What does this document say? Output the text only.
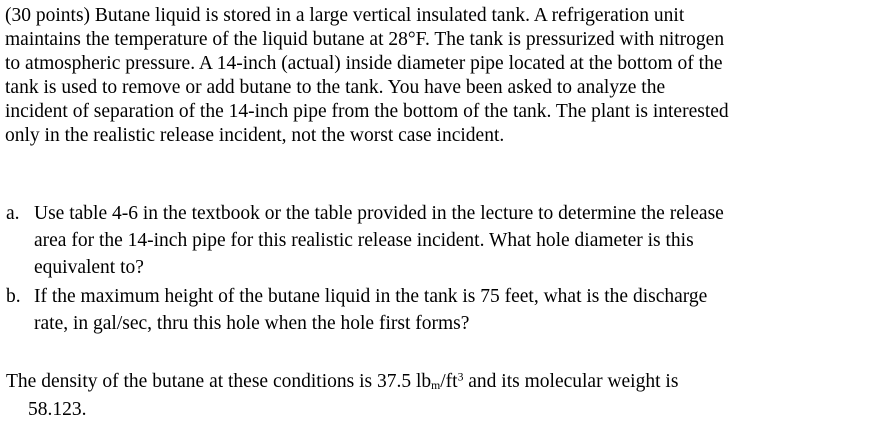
(30 points) Butane liquid is stored in a large vertical insulated tank. A refrigeration unit
maintains the temperature of the liquid butane at 28°F. The tank is pressurized with nitrogen
to atmospheric pressure. A 14-inch (actual) inside diameter pipe located at the bottom of the
tank is used to remove or add butane to the tank. You have been asked to analyze the
incident of separation of the 14-inch pipe from the bottom of the tank. The plant is interested
only in the realistic release incident, not the worst case incident.
a. Use table 4-6 in the textbook or the table provided in the lecture to determine the release
area for the 14-inch pipe for this realistic release incident. What hole diameter is this
equivalent to?
b. If the maximum height of the butane liquid in the tank is 75 feet, what is the discharge
rate, in gal/sec, thru this hole when the hole first forms?
The density of the butane at these conditions is 37.5 $lb_m/ft^3$ and its molecular weight is
58.123.
